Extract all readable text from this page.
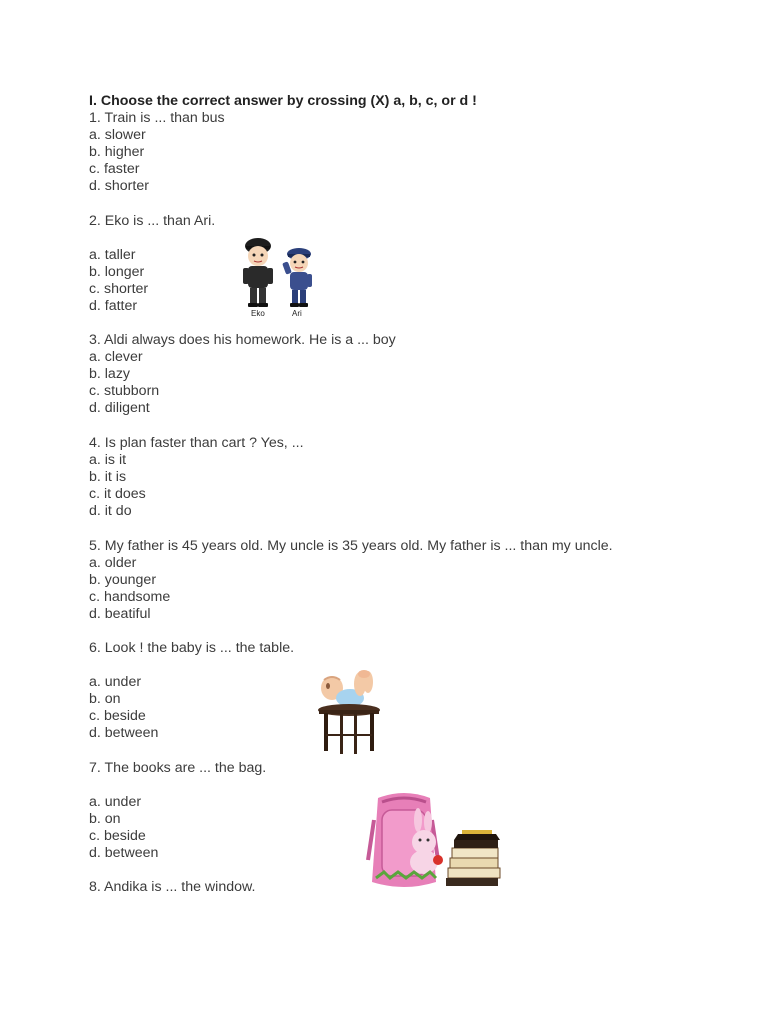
I. Choose the correct answer by crossing (X) a, b, c, or d !
1. Train is ... than bus
a. slower
b. higher
c. faster
d. shorter
2. Eko is ... than Ari.
a. taller
b. longer
c. shorter
d. fatter	Eko	Ari
3. Aldi always does his homework. He is a ... boy
a. clever
b. lazy
c. stubborn
d. diligent
4. Is plan faster than cart ? Yes, ...
a. is it
b. it is
c. it does
d. it do
5. My father is 45 years old. My uncle is 35 years old. My father is ... than my uncle.
a. older
b. younger
c. handsome
d. beatiful
6. Look ! the baby is ... the table.
a. under
b. on
c. beside
d. between
7. The books are ... the bag.
a. under
b. on
c. beside
d. between
8. Andika is ... the window.
